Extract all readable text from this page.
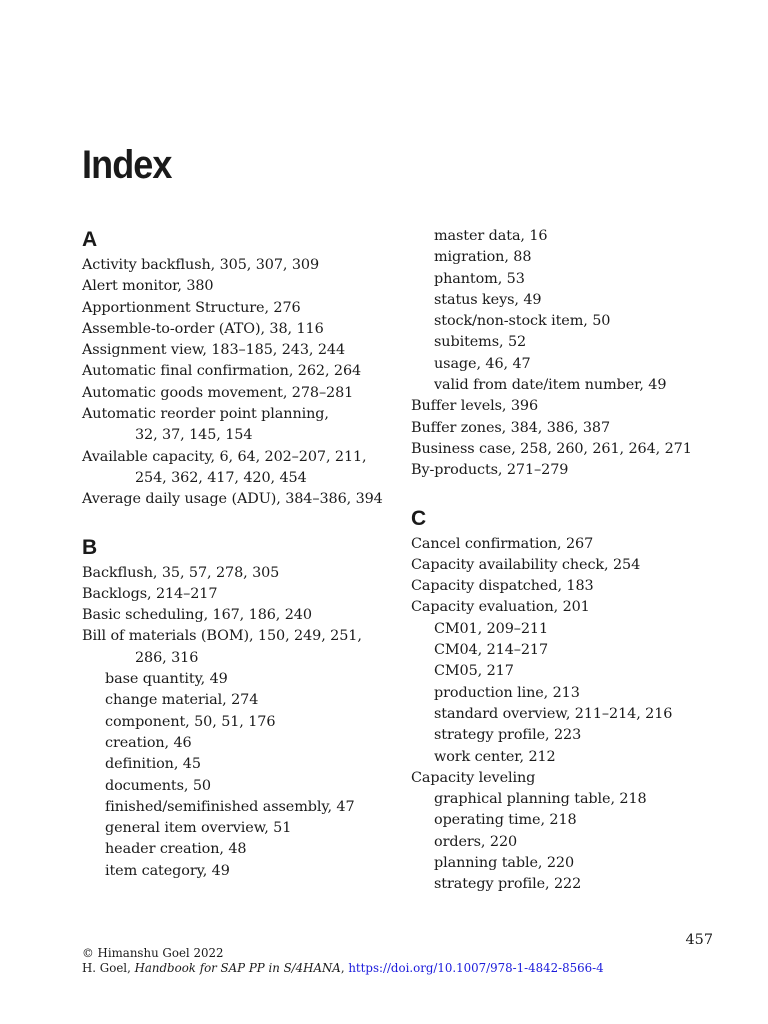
Index
A
Activity backflush, 305, 307, 309
Alert monitor, 380
Apportionment Structure, 276
Assemble-to-order (ATO), 38, 116
Assignment view, 183–185, 243, 244
Automatic final confirmation, 262, 264
Automatic goods movement, 278–281
Automatic reorder point planning,
32, 37, 145, 154
Available capacity, 6, 64, 202–207, 211,
254, 362, 417, 420, 454
Average daily usage (ADU), 384–386, 394
B
Backflush, 35, 57, 278, 305
Backlogs, 214–217
Basic scheduling, 167, 186, 240
Bill of materials (BOM), 150, 249, 251,
286, 316
base quantity, 49
change material, 274
component, 50, 51, 176
creation, 46
definition, 45
documents, 50
finished/semifinished assembly, 47
general item overview, 51
header creation, 48
item category, 49
master data, 16
migration, 88
phantom, 53
status keys, 49
stock/non-stock item, 50
subitems, 52
usage, 46, 47
valid from date/item number, 49
Buffer levels, 396
Buffer zones, 384, 386, 387
Business case, 258, 260, 261, 264, 271
By-products, 271–279
C
Cancel confirmation, 267
Capacity availability check, 254
Capacity dispatched, 183
Capacity evaluation, 201
CM01, 209–211
CM04, 214–217
CM05, 217
production line, 213
standard overview, 211–214, 216
strategy profile, 223
work center, 212
Capacity leveling
graphical planning table, 218
operating time, 218
orders, 220
planning table, 220
strategy profile, 222
457
© Himanshu Goel 2022
H. Goel, Handbook for SAP PP in S/4HANA, https://doi.org/10.1007/978-1-4842-8566-4
